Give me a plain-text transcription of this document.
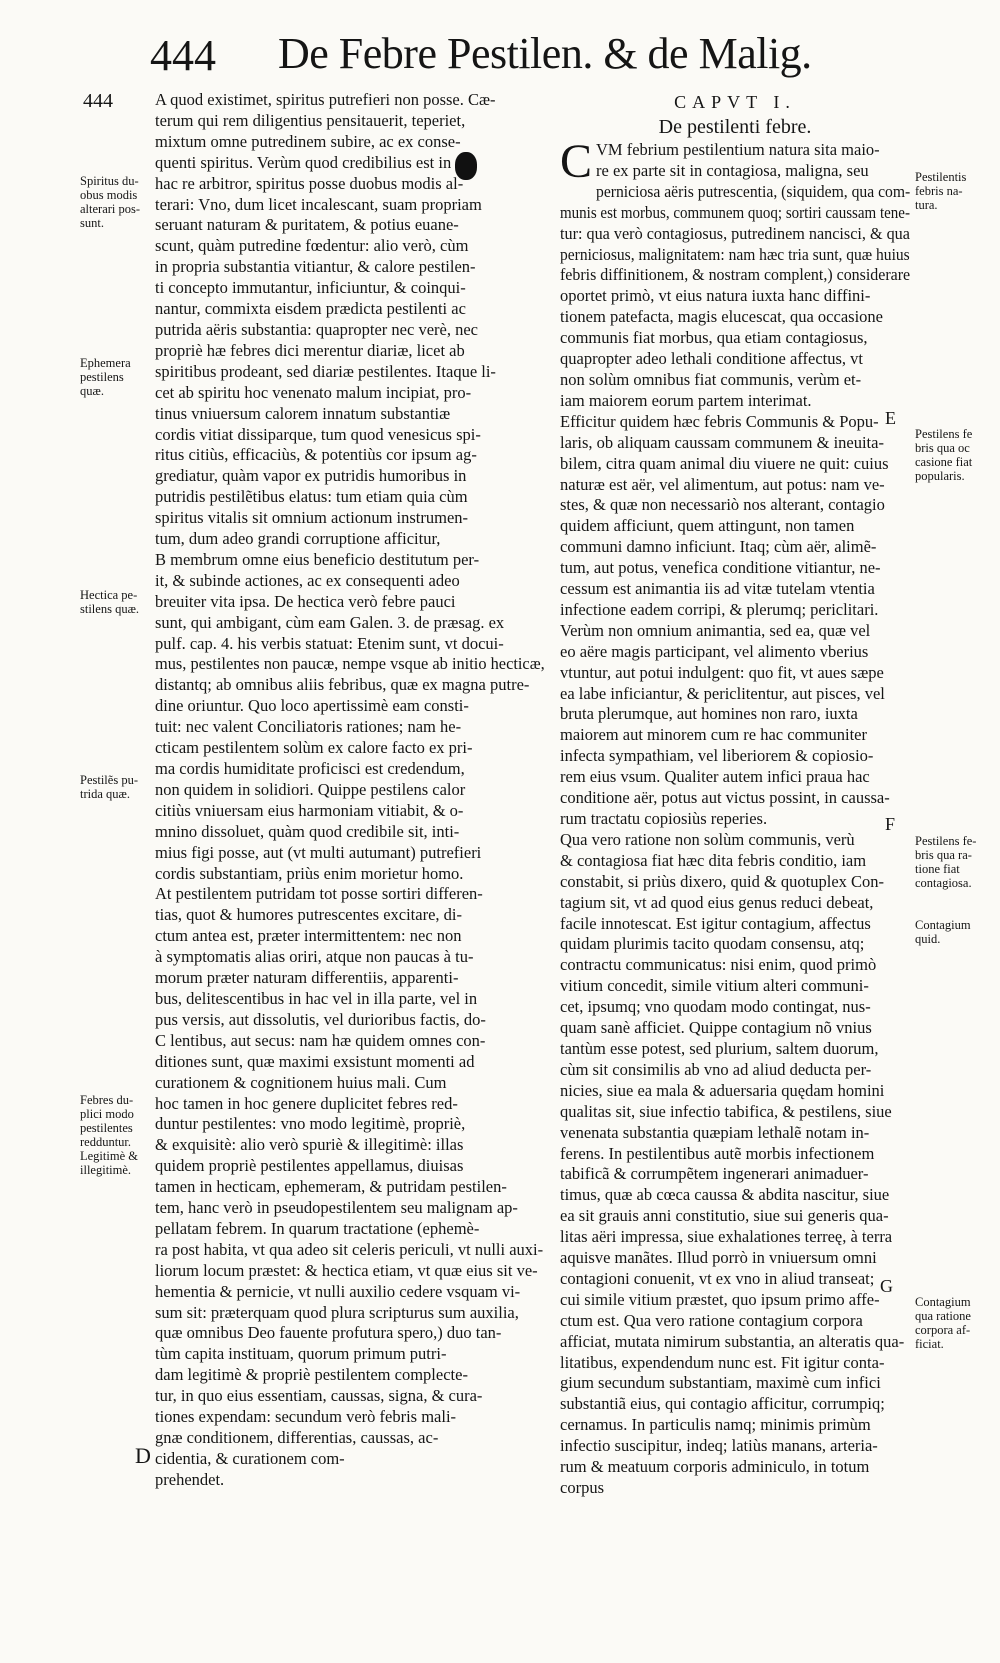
444 De Febre Pestilen. & de Malig.
A quod existimet, spiritus putrefieri non posse. Cæ-
terum qui rem diligentius pensitauerit, teperiet,
mixtum omne putredinem subire, ac ex conse-
quenti spiritus. Verùm quod credibilius est in
hac re arbitror, spiritus posse duobus modis al-
terari: Vno, dum licet incalescant, suam propriam
seruant naturam & puritatem, & potius euane-
scunt, quàm putredine fœdentur: alio verò, cùm
in propria substantia vitiantur, & calore pestilen-
ti concepto immutantur, inficiuntur, & coinqui-
nantur, commixta eisdem prædicta pestilenti ac
putrida aëris substantia: quapropter nec verè, nec
propriè hæ febres dici merentur diariæ, licet ab
spiritibus prodeant, sed diariæ pestilentes. Itaque li-
cet ab spiritu hoc venenato malum incipiat, pro-
tinus vniuersum calorem innatum substantiæ
cordis vitiat dissiparque, tum quod venesicus spi-
ritus citiùs, efficaciùs, & potentiùs cor ipsum ag-
grediatur, quàm vapor ex putridis humoribus in
putridis pestilẽtibus elatus: tum etiam quia cùm
spiritus vitalis sit omnium actionum instrumen-
tum, dum adeo grandi corruptione afficitur,
B membrum omne eius beneficio destitutum per-
it, & subinde actiones, ac ex consequenti adeo
breuiter vita ipsa. De hectica verò febre pauci
sunt, qui ambigant, cùm eam Galen. 3. de præsag. ex
pulf. cap. 4. his verbis statuat: Etenim sunt, vt docui-
mus, pestilentes non paucæ, nempe vsque ab initio hecticæ,
distantq; ab omnibus aliis febribus, quæ ex magna putre-
dine oriuntur. Quo loco apertissimè eam consti-
tuit: nec valent Conciliatoris rationes; nam he-
cticam pestilentem solùm ex calore facto ex pri-
ma cordis humiditate proficisci est credendum,
non quidem in solidiori. Quippe pestilens calor
citiùs vniuersam eius harmoniam vitiabit, & o-
mnino dissoluet, quàm quod credibile sit, inti-
mius figi posse, aut (vt multi autumant) putrefieri
cordis substantiam, priùs enim morietur homo.
At pestilentem putridam tot posse sortiri differen-
tias, quot & humores putrescentes excitare, di-
ctum antea est, præter intermittentem: nec non
à symptomatis alias oriri, atque non paucas à tu-
morum præter naturam differentiis, apparenti-
bus, delitescentibus in hac vel in illa parte, vel in
pus versis, aut dissolutis, vel durioribus factis, do-
C lentibus, aut secus: nam hæ quidem omnes con-
ditiones sunt, quæ maximi exsistunt momenti ad
curationem & cognitionem huius mali. Cum
hoc tamen in hoc genere duplicitet febres red-
duntur pestilentes: vno modo legitimè, propriè,
& exquisitè: alio verò spuriè & illegitimè: illas
quidem propriè pestilentes appellamus, diuisas
tamen in hecticam, ephemeram, & putridam pestilen-
tem, hanc verò in pseudopestilentem seu malignam ap-
pellatam febrem. In quarum tractatione (ephemè-
ra post habita, vt qua adeo sit celeris periculi, vt nulli auxi-
liorum locum præstet: & hectica etiam, vt quæ eius sit ve-
hementia & pernicie, vt nulli auxilio cedere vsquam vi-
sum sit: præterquam quod plura scripturus sum auxilia,
quæ omnibus Deo fauente profutura spero,) duo tan-
tùm capita instituam, quorum primum putri-
dam legitimè & propriè pestilentem complecte-
tur, in quo eius essentiam, caussas, signa, & cura-
tiones expendam: secundum verò febris mali-
gnæ conditionem, differentias, caussas, ac-
cidentia, & curationem com-
prehendet.
CAPVT I.
De pestilenti febre.
C VM febrium pestilentium natura sita maio-
re ex parte sit in contagiosa, maligna, seu
perniciosa aëris putrescentia, (siquidem, qua com-
munis est morbus, communem quoq; sortiri caussam tene-
tur: qua verò contagiosus, putredinem nancisci, & qua
perniciosus, malignitatem: nam hæc tria sunt, quæ huius
febris diffinitionem, & nostram complent,) considerare
oportet primò, vt eius natura iuxta hanc diffini-
tionem patefacta, magis elucescat, qua occasione
communis fiat morbus, qua etiam contagiosus,
quapropter adeo lethali conditione affectus, vt
non solùm omnibus fiat communis, verùm et-
iam maiorem eorum partem interimat.
Efficitur quidem hæc febris Communis & Popu-
laris, ob aliquam caussam communem & ineuita-
bilem, citra quam animal diu viuere ne quit: cuius
naturæ est aër, vel alimentum, aut potus: nam ve-
stes, & quæ non necessariò nos alterant, contagio
quidem afficiunt, quem attingunt, non tamen
communi damno inficiunt. Itaq; cùm aër, alimẽ-
tum, aut potus, venefica conditione vitiantur, ne-
cessum est animantia iis ad vitæ tutelam vtentia
infectione eadem corripi, & plerumq; periclitari.
Verùm non omnium animantia, sed ea, quæ vel
eo aëre magis participant, vel alimento vberius
vtuntur, aut potui indulgent: quo fit, vt aues sæpe
ea labe inficiantur, & periclitentur, aut pisces, vel
bruta plerumque, aut homines non raro, iuxta
maiorem aut minorem cum re hac communiter
infecta sympathiam, vel liberiorem & copiosio-
rem eius vsum. Qualiter autem infici praua hac
conditione aër, potus aut victus possint, in caussa-
rum tractatu copiosiùs reperies.
Qua vero ratione non solùm communis, verù
& contagiosa fiat hæc dita febris conditio, iam
constabit, si priùs dixero, quid & quotuplex Con-
tagium sit, vt ad quod eius genus reduci debeat,
facile innotescat. Est igitur contagium, affectus
quidam plurimis tacito quodam consensu, atq;
contractu communicatus: nisi enim, quod primò
vitium concedit, simile vitium alteri communi-
cet, ipsumq; vno quodam modo contingat, nus-
quam sanè afficiet. Quippe contagium nõ vnius
tantùm esse potest, sed plurium, saltem duorum,
cùm sit consimilis ab vno ad aliud deducta per-
nicies, siue ea mala & aduersaria quędam homini
qualitas sit, siue infectio tabifica, & pestilens, siue
venenata substantia quæpiam lethalẽ notam in-
ferens. In pestilentibus autẽ morbis infectionem
tabificã & corrumpẽtem ingenerari animaduer-
timus, quæ ab cœca caussa & abdita nascitur, siue
ea sit grauis anni constitutio, siue sui generis qua-
litas aëri impressa, siue exhalationes terreę, à terra
aquisve manãtes. Illud porrò in vniuersum omni
contagioni conuenit, vt ex vno in aliud transeat;
cui simile vitium præstet, quo ipsum primo affe-
ctum est. Qua vero ratione contagium corpora
afficiat, mutata nimirum substantia, an alteratis qua-
litatibus, expendendum nunc est. Fit igitur conta-
gium secundum substantiam, maximè cum infici
substantiã eius, qui contagio afficitur, corrumpiq;
cernamus. In particulis namq; minimis primùm
infectio suscipitur, indeq; latiùs manans, arteria-
rum & meatuum corporis adminiculo, in totum
corpus
Spiritus du-
obus modis
alterari pos-
sunt.
Ephemera
pestilens
quæ.
Hectica pe-
stilens quæ.
Pestilẽs pu-
trida quæ.
Febres du-
plici modo
pestilentes
redduntur.
Legitimè &
illegitimè.
Pestilentis
febris na-
tura.
Pestilens fe
bris qua oc
casione fiat
popularis.
Pestilens fe-
bris qua ra-
tione fiat
contagiosa.
Contagium
quid.
Contagium
qua ratione
corpora af-
ficiat.
444
D
E
F
G
